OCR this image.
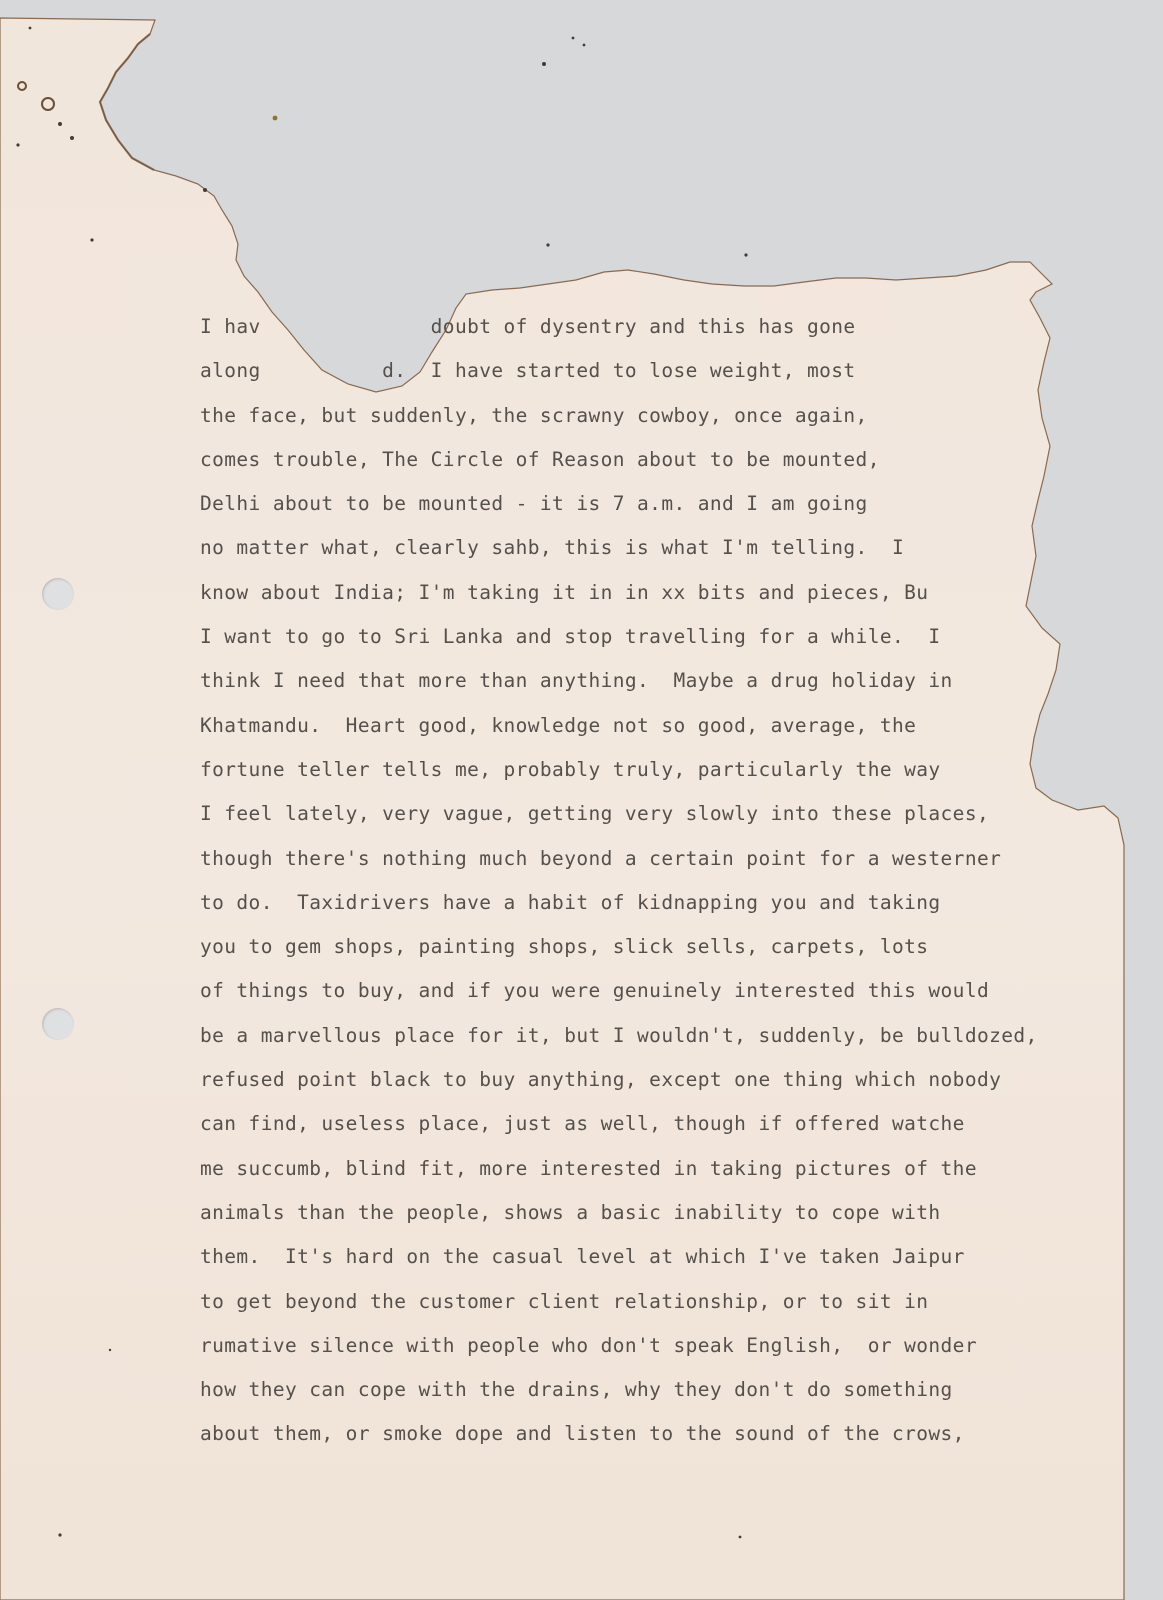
I hav	doubt of dysentry and this has gone
along	d.  I have started to lose weight, most
the face, but suddenly, the scrawny cowboy, once again,
comes trouble, The Circle of Reason about to be mounted,
Delhi about to be mounted - it is 7 a.m. and I am going
no matter what, clearly sahb, this is what I'm telling.  I
know about India; I'm taking it in in xx bits and pieces, Bu
I want to go to Sri Lanka and stop travelling for a while.  I
think I need that more than anything.  Maybe a drug holiday in
Khatmandu.  Heart good, knowledge not so good, average, the
fortune teller tells me, probably truly, particularly the way
I feel lately, very vague, getting very slowly into these places,
though there's nothing much beyond a certain point for a westerner
to do.  Taxidrivers have a habit of kidnapping you and taking
you to gem shops, painting shops, slick sells, carpets, lots
of things to buy, and if you were genuinely interested this would
be a marvellous place for it, but I wouldn't, suddenly, be bulldozed,
refused point black to buy anything, except one thing which nobody
can find, useless place, just as well, though if offered watche
me succumb, blind fit, more interested in taking pictures of the
animals than the people, shows a basic inability to cope with
them.  It's hard on the casual level at which I've taken Jaipur
to get beyond the customer client relationship, or to sit in
rumative silence with people who don't speak English,  or wonder
how they can cope with the drains, why they don't do something
about them, or smoke dope and listen to the sound of the crows,
